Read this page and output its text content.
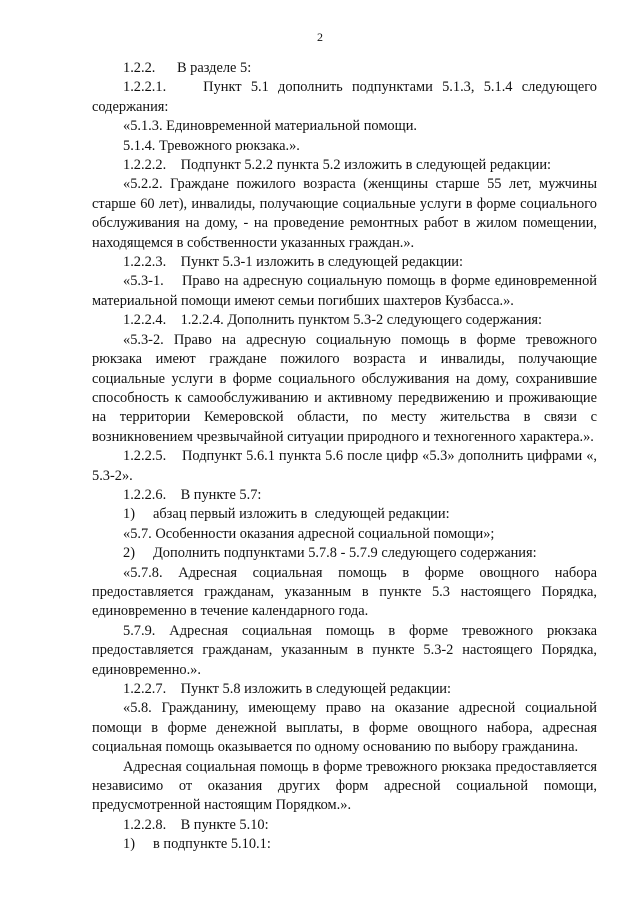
2

1.2.2.      В разделе 5:

1.2.2.1.    Пункт 5.1 дополнить подпунктами 5.1.3, 5.1.4 следующего содержания:

«5.1.3. Единовременной материальной помощи.

5.1.4. Тревожного рюкзака.».

1.2.2.2.    Подпункт 5.2.2 пункта 5.2 изложить в следующей редакции:

«5.2.2. Граждане пожилого возраста (женщины старше 55 лет, мужчины старше 60 лет), инвалиды, получающие социальные услуги в форме социального обслуживания на дому, - на проведение ремонтных работ в жилом помещении, находящемся в собственности указанных граждан.».

1.2.2.3.    Пункт 5.3-1 изложить в следующей редакции:

«5.3-1.    Право на адресную социальную помощь в форме единовременной материальной помощи имеют семьи погибших шахтеров Кузбасса.».

1.2.2.4.    1.2.2.4. Дополнить пунктом 5.3-2 следующего содержания:

«5.3-2. Право на адресную социальную помощь в форме тревожного рюкзака имеют граждане пожилого возраста и инвалиды, получающие социальные услуги в форме социального обслуживания на дому, сохранившие способность к самообслуживанию и активному передвижению и проживающие на территории Кемеровской области, по месту жительства в связи с возникновением чрезвычайной ситуации природного и техногенного характера.».

1.2.2.5.    Подпункт 5.6.1 пункта 5.6 после цифр «5.3» дополнить цифрами «, 5.3-2».

1.2.2.6.    В пункте 5.7:

1)     абзац первый изложить в  следующей редакции:

«5.7. Особенности оказания адресной социальной помощи»;

2)     Дополнить подпунктами 5.7.8 - 5.7.9 следующего содержания:

«5.7.8. Адресная социальная помощь в форме овощного набора предоставляется гражданам, указанным в пункте 5.3 настоящего Порядка, единовременно в течение календарного года.

5.7.9. Адресная социальная помощь в форме тревожного рюкзака предоставляется гражданам, указанным в пункте 5.3-2 настоящего Порядка, единовременно.».

1.2.2.7.    Пункт 5.8 изложить в следующей редакции:

«5.8. Гражданину, имеющему право на оказание адресной социальной помощи в форме денежной выплаты, в форме овощного набора, адресная социальная помощь оказывается по одному основанию по выбору гражданина.

Адресная социальная помощь в форме тревожного рюкзака предоставляется независимо от оказания других форм адресной социальной помощи, предусмотренной настоящим Порядком.».

1.2.2.8.    В пункте 5.10:

1)     в подпункте 5.10.1:
